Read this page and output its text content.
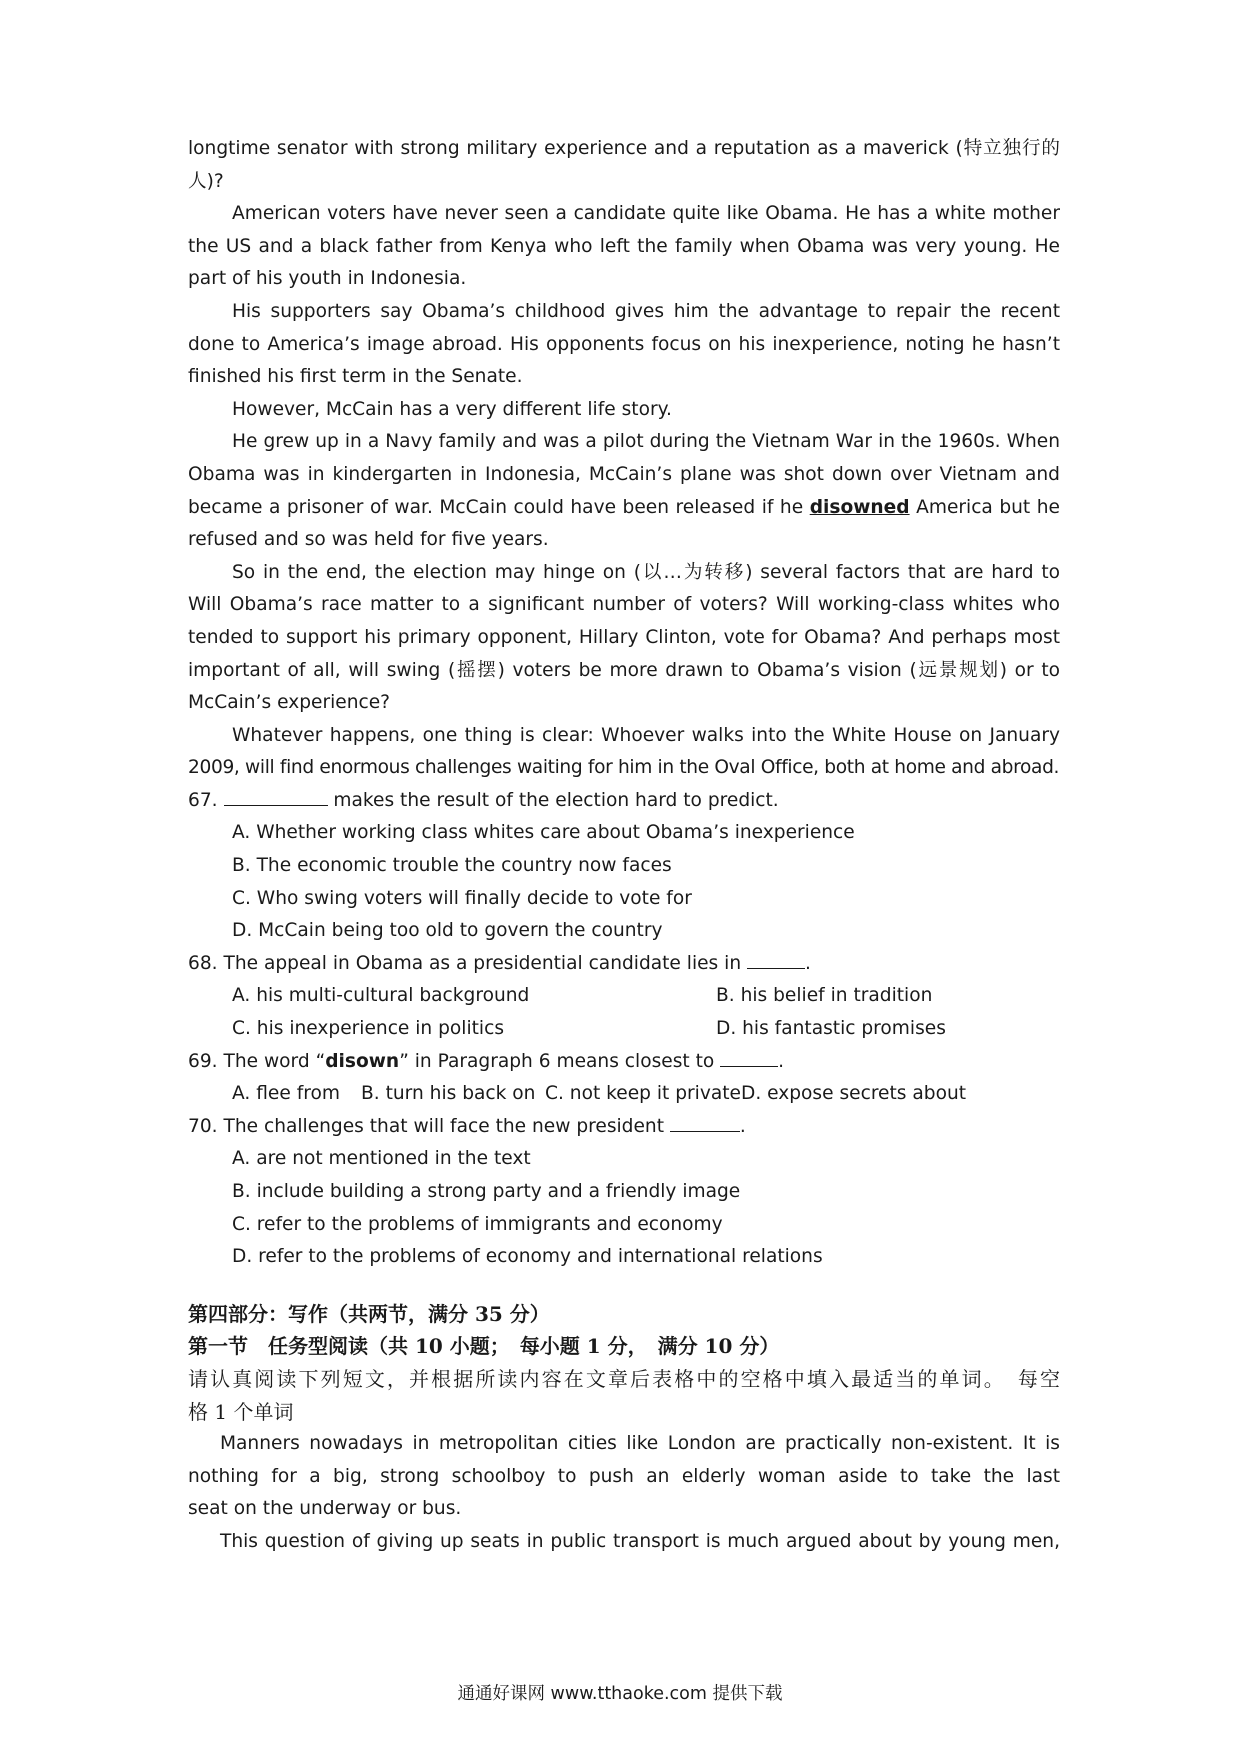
longtime senator with strong military experience and a reputation as a maverick (特立独行的
人)?
American voters have never seen a candidate quite like Obama. He has a white mother
the US and a black father from Kenya who left the family when Obama was very young. He
part of his youth in Indonesia.
His supporters say Obama’s childhood gives him the advantage to repair the recent
done to America’s image abroad. His opponents focus on his inexperience, noting he hasn’t
finished his first term in the Senate.
However, McCain has a very different life story.
He grew up in a Navy family and was a pilot during the Vietnam War in the 1960s. When
Obama was in kindergarten in Indonesia, McCain’s plane was shot down over Vietnam and
became a prisoner of war. McCain could have been released if he disowned America but he
refused and so was held for five years.
So in the end, the election may hinge on (以…为转移) several factors that are hard to
Will Obama’s race matter to a significant number of voters? Will working-class whites who
tended to support his primary opponent, Hillary Clinton, vote for Obama? And perhaps most
important of all, will swing (摇摆) voters be more drawn to Obama’s vision (远景规划) or to
McCain’s experience?
Whatever happens, one thing is clear: Whoever walks into the White House on January
2009, will find enormous challenges waiting for him in the Oval Office, both at home and abroad.
67.	makes the result of the election hard to predict.
A. Whether working class whites care about Obama’s inexperience
B. The economic trouble the country now faces
C. Who swing voters will finally decide to vote for
D. McCain being too old to govern the country
68. The appeal in Obama as a presidential candidate lies in	.
A. his multi-cultural background	B. his belief in tradition
C. his inexperience in politics	D. his fantastic promises
69. The word “disown” in Paragraph 6 means closest to	.
A. flee from	B. turn his back on C. not keep it private D. expose secrets about
70. The challenges that will face the new president	.
A. are not mentioned in the text
B. include building a strong party and a friendly image
C. refer to the problems of immigrants and economy
D. refer to the problems of economy and international relations
第四部分：写作（共两节，满分 35 分）
第一节　任务型阅读（共 10 小题；　每小题 1 分，　满分 10 分）
请认真阅读下列短文，并根据所读内容在文章后表格中的空格中填入最适当的单词。　每空
格 1 个单词
Manners nowadays in metropolitan cities like London are practically non-existent. It is
nothing for a big, strong schoolboy to push an elderly woman aside to take the last
seat on the underway or bus.
This question of giving up seats in public transport is much argued about by young men,
通通好课网 www.tthaoke.com 提供下载
